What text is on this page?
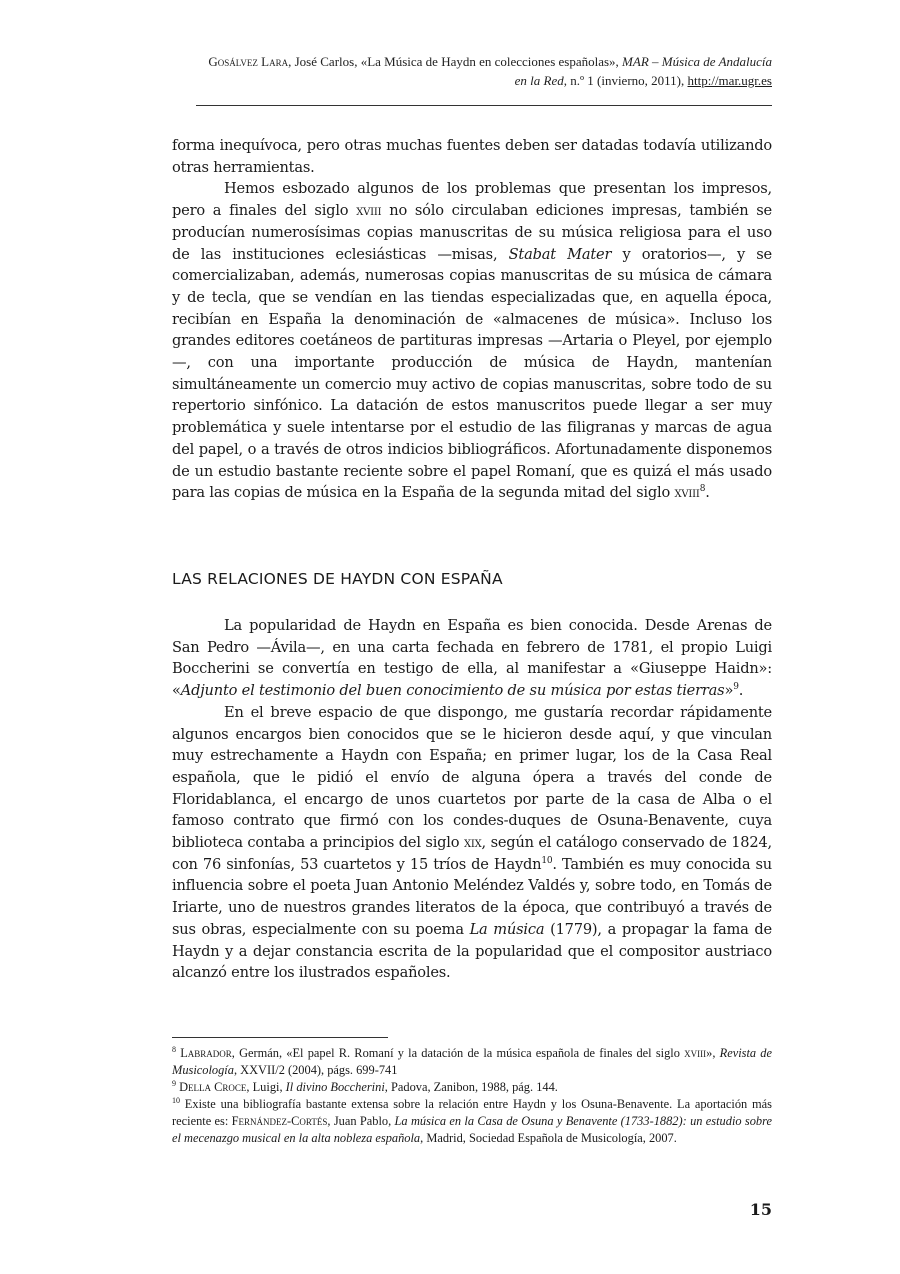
Gosálvez Lara, José Carlos, «La Música de Haydn en colecciones españolas», MAR – Música de Andalucía en la Red, n.º 1 (invierno, 2011), http://mar.ugr.es

forma inequívoca, pero otras muchas fuentes deben ser datadas todavía utilizando otras herramientas.

Hemos esbozado algunos de los problemas que presentan los impresos, pero a finales del siglo xviii no sólo circulaban ediciones impresas, también se producían numerosísimas copias manuscritas de su música religiosa para el uso de las instituciones eclesiásticas —misas, Stabat Mater y oratorios—, y se comercializaban, además, numerosas copias manuscritas de su música de cámara y de tecla, que se vendían en las tiendas especializadas que, en aquella época, recibían en España la denominación de «almacenes de música». Incluso los grandes editores coetáneos de partituras impresas —Artaria o Pleyel, por ejemplo—, con una importante producción de música de Haydn, mantenían simultáneamente un comercio muy activo de copias manuscritas, sobre todo de su repertorio sinfónico. La datación de estos manuscritos puede llegar a ser muy problemática y suele intentarse por el estudio de las filigranas y marcas de agua del papel, o a través de otros indicios bibliográficos. Afortunadamente disponemos de un estudio bastante reciente sobre el papel Romaní, que es quizá el más usado para las copias de música en la España de la segunda mitad del siglo xviii$^8$.

LAS RELACIONES DE HAYDN CON ESPAÑA

La popularidad de Haydn en España es bien conocida. Desde Arenas de San Pedro —Ávila—, en una carta fechada en febrero de 1781, el propio Luigi Boccherini se convertía en testigo de ella, al manifestar a «Giuseppe Haidn»: «Adjunto el testimonio del buen conocimiento de su música por estas tierras»$^9$.

En el breve espacio de que dispongo, me gustaría recordar rápidamente algunos encargos bien conocidos que se le hicieron desde aquí, y que vinculan muy estrechamente a Haydn con España; en primer lugar, los de la Casa Real española, que le pidió el envío de alguna ópera a través del conde de Floridablanca, el encargo de unos cuartetos por parte de la casa de Alba o el famoso contrato que firmó con los condes-duques de Osuna-Benavente, cuya biblioteca contaba a principios del siglo xix, según el catálogo conservado de 1824, con 76 sinfonías, 53 cuartetos y 15 tríos de Haydn$^{10}$. También es muy conocida su influencia sobre el poeta Juan Antonio Meléndez Valdés y, sobre todo, en Tomás de Iriarte, uno de nuestros grandes literatos de la época, que contribuyó a través de sus obras, especialmente con su poema La música (1779), a propagar la fama de Haydn y a dejar constancia escrita de la popularidad que el compositor austriaco alcanzó entre los ilustrados españoles.

$^8$ Labrador, Germán, «El papel R. Romaní y la datación de la música española de finales del siglo xviii», Revista de Musicología, XXVII/2 (2004), págs. 699-741

$^9$ Della Croce, Luigi, Il divino Boccherini, Padova, Zanibon, 1988, pág. 144.

$^{10}$ Existe una bibliografía bastante extensa sobre la relación entre Haydn y los Osuna-Benavente. La aportación más reciente es: Fernández-Cortés, Juan Pablo, La música en la Casa de Osuna y Benavente (1733-1882): un estudio sobre el mecenazgo musical en la alta nobleza española, Madrid, Sociedad Española de Musicología, 2007.

15
